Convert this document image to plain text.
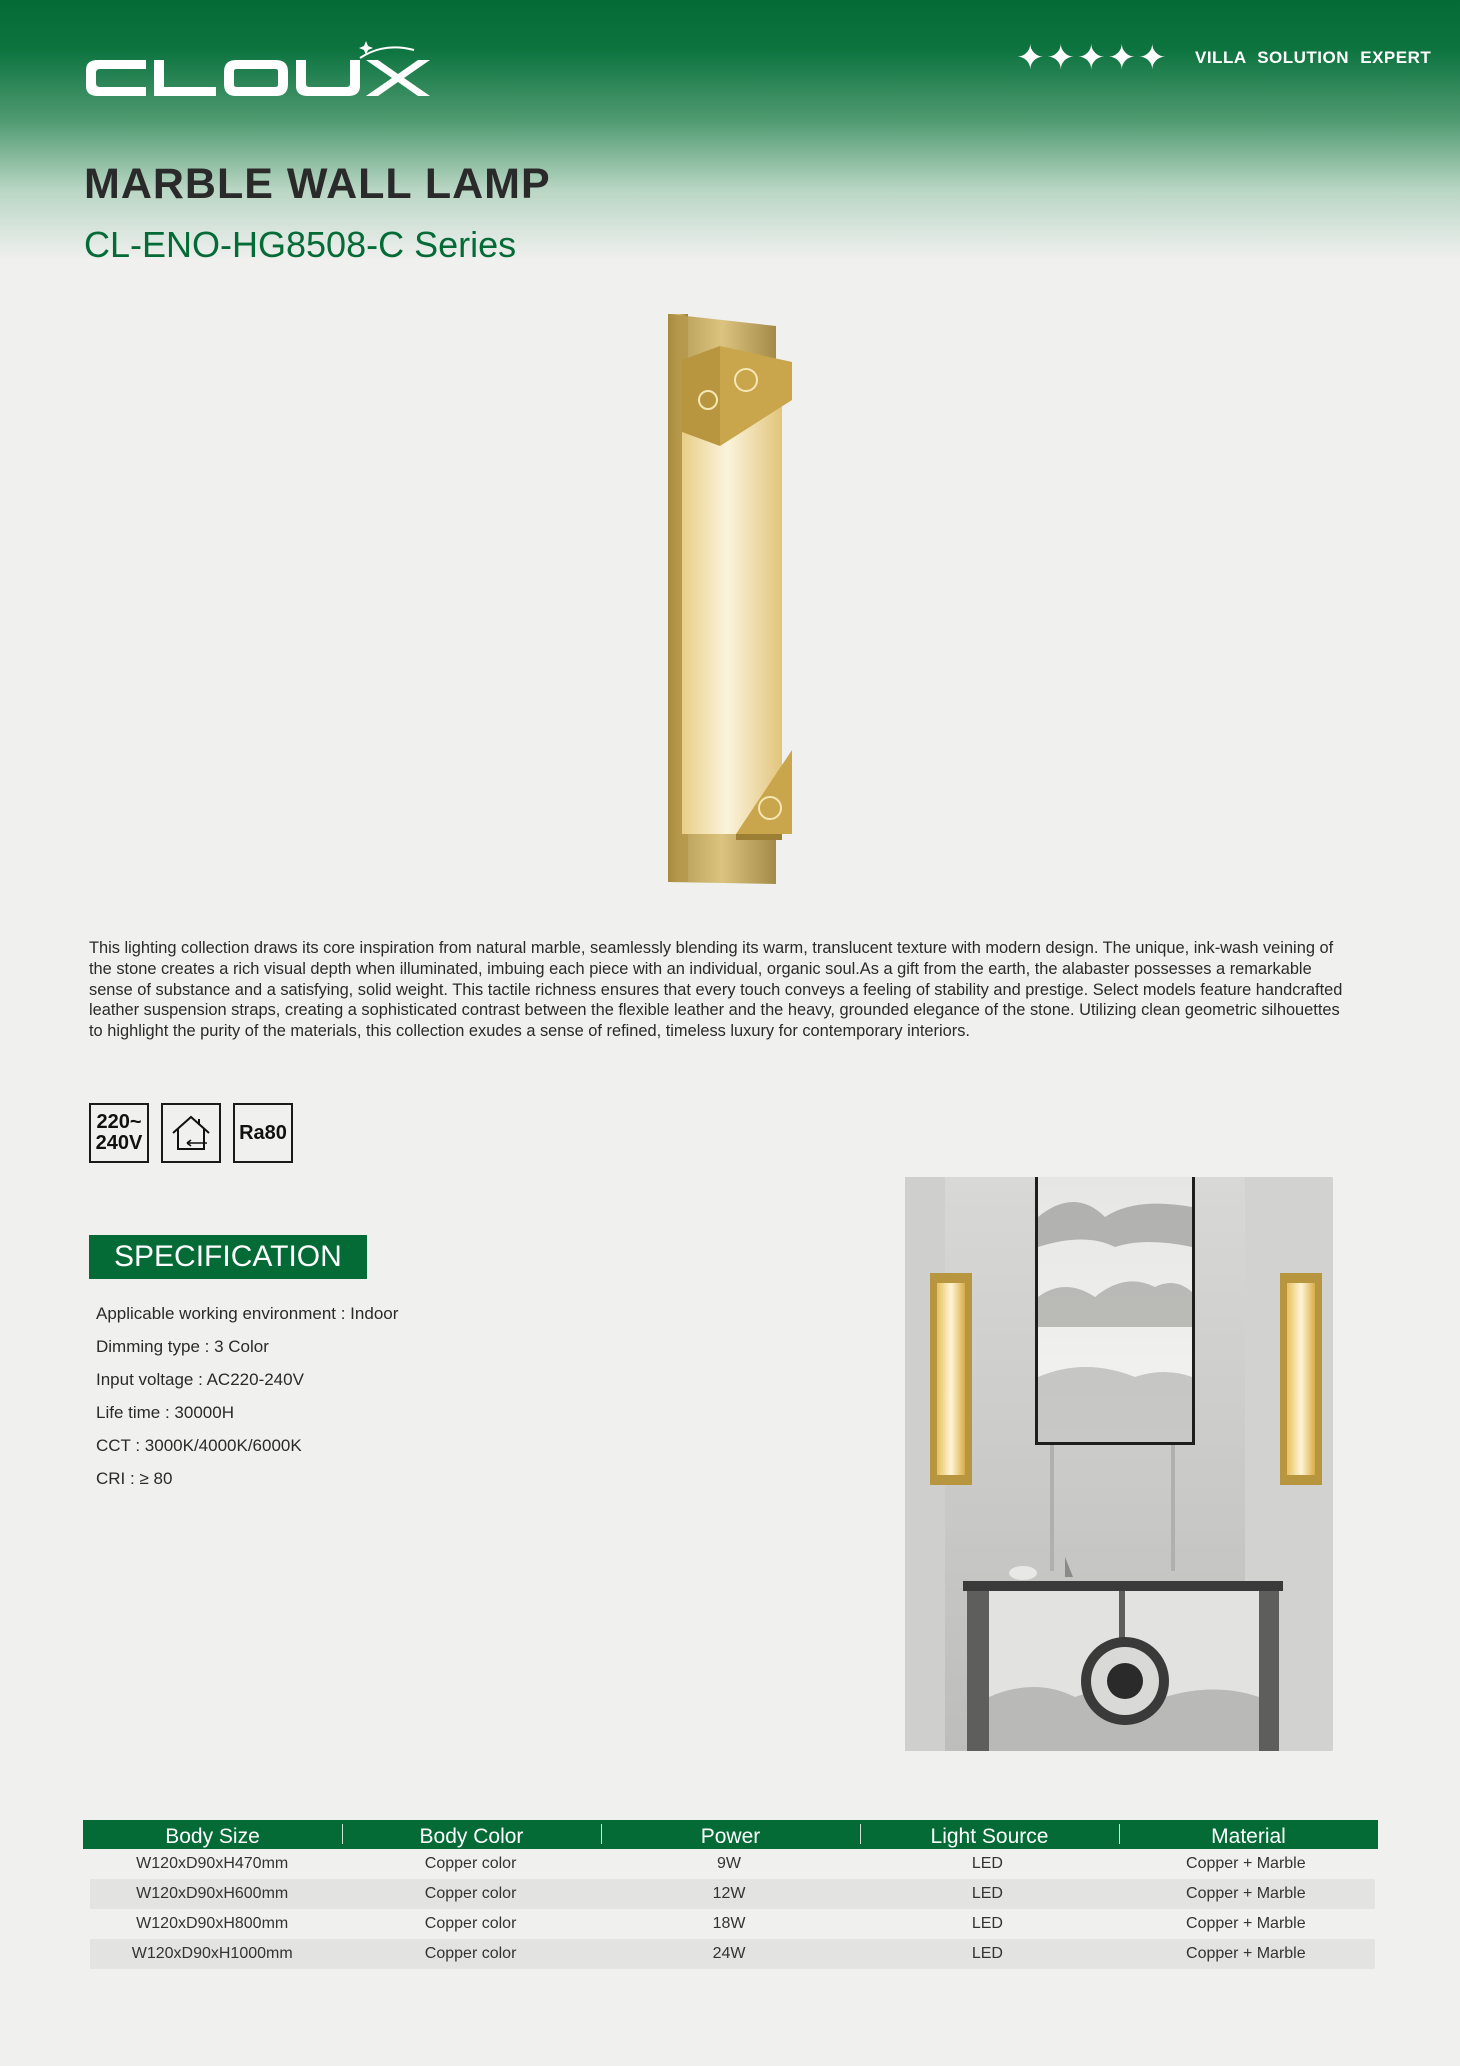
✦ ✦ ✦ ✦ ✦ VILLA SOLUTION EXPERT
MARBLE WALL LAMP
CL-ENO-HG8508-C Series
This lighting collection draws its core inspiration from natural marble, seamlessly blending its warm, translucent texture with modern design. The unique, ink-wash veining of the stone creates a rich visual depth when illuminated, imbuing each piece with an individual, organic soul.As a gift from the earth, the alabaster possesses a remarkable sense of substance and a satisfying, solid weight. This tactile richness ensures that every touch conveys a feeling of stability and prestige. Select models feature handcrafted leather suspension straps, creating a sophisticated contrast between the flexible leather and the heavy, grounded elegance of the stone. Utilizing clean geometric silhouettes to highlight the purity of the materials, this collection exudes a sense of refined, timeless luxury for contemporary interiors.
220~
240V	Ra80
SPECIFICATION
Applicable working environment : Indoor
Dimming type : 3 Color
Input voltage : AC220-240V
Life time : 30000H
CCT : 3000K/4000K/6000K
CRI : ≥ 80
Body Size	Body Color	Power	Light Source	Material
W120xD90xH470mm	Copper color	9W	LED	Copper + Marble
W120xD90xH600mm	Copper color	12W	LED	Copper + Marble
W120xD90xH800mm	Copper color	18W	LED	Copper + Marble
W120xD90xH1000mm	Copper color	24W	LED	Copper + Marble
